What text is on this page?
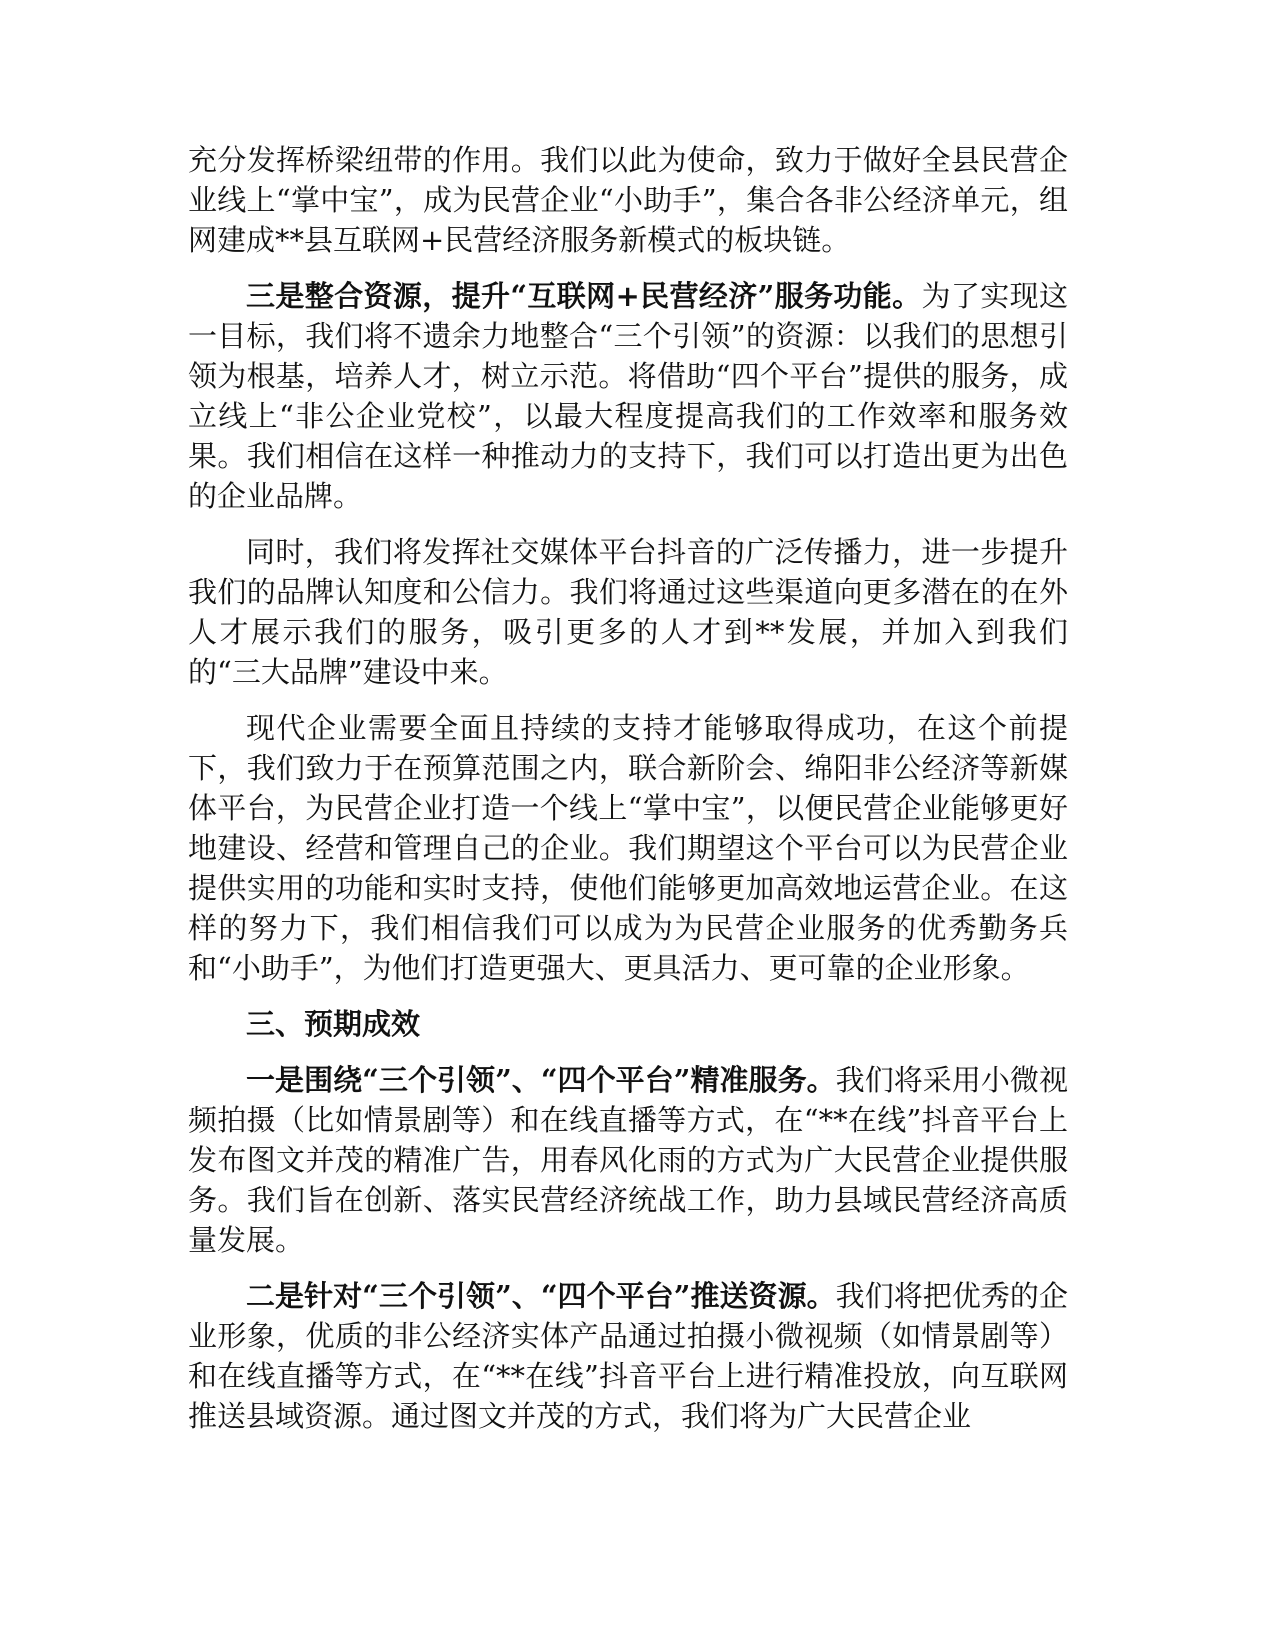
充分发挥桥梁纽带的作用。我们以此为使命，致力于做好全县民营企业线上“掌中宝”，成为民营企业“小助手”，集合各非公经济单元，组网建成**县互联网+民营经济服务新模式的板块链。

三是整合资源，提升“互联网+民营经济”服务功能。为了实现这一目标，我们将不遗余力地整合“三个引领”的资源：以我们的思想引领为根基，培养人才，树立示范。将借助“四个平台”提供的服务，成立线上“非公企业党校”，以最大程度提高我们的工作效率和服务效果。我们相信在这样一种推动力的支持下，我们可以打造出更为出色的企业品牌。

同时，我们将发挥社交媒体平台抖音的广泛传播力，进一步提升我们的品牌认知度和公信力。我们将通过这些渠道向更多潜在的在外人才展示我们的服务，吸引更多的人才到**发展，并加入到我们的“三大品牌”建设中来。

现代企业需要全面且持续的支持才能够取得成功，在这个前提下，我们致力于在预算范围之内，联合新阶会、绵阳非公经济等新媒体平台，为民营企业打造一个线上“掌中宝”，以便民营企业能够更好地建设、经营和管理自己的企业。我们期望这个平台可以为民营企业提供实用的功能和实时支持，使他们能够更加高效地运营企业。在这样的努力下，我们相信我们可以成为为民营企业服务的优秀勤务兵和“小助手”，为他们打造更强大、更具活力、更可靠的企业形象。

三、预期成效

一是围绕“三个引领”、“四个平台”精准服务。我们将采用小微视频拍摄（比如情景剧等）和在线直播等方式，在“**在线”抖音平台上发布图文并茂的精准广告，用春风化雨的方式为广大民营企业提供服务。我们旨在创新、落实民营经济统战工作，助力县域民营经济高质量发展。

二是针对“三个引领”、“四个平台”推送资源。我们将把优秀的企业形象，优质的非公经济实体产品通过拍摄小微视频（如情景剧等）和在线直播等方式，在“**在线”抖音平台上进行精准投放，向互联网推送县域资源。通过图文并茂的方式，我们将为广大民营企业
